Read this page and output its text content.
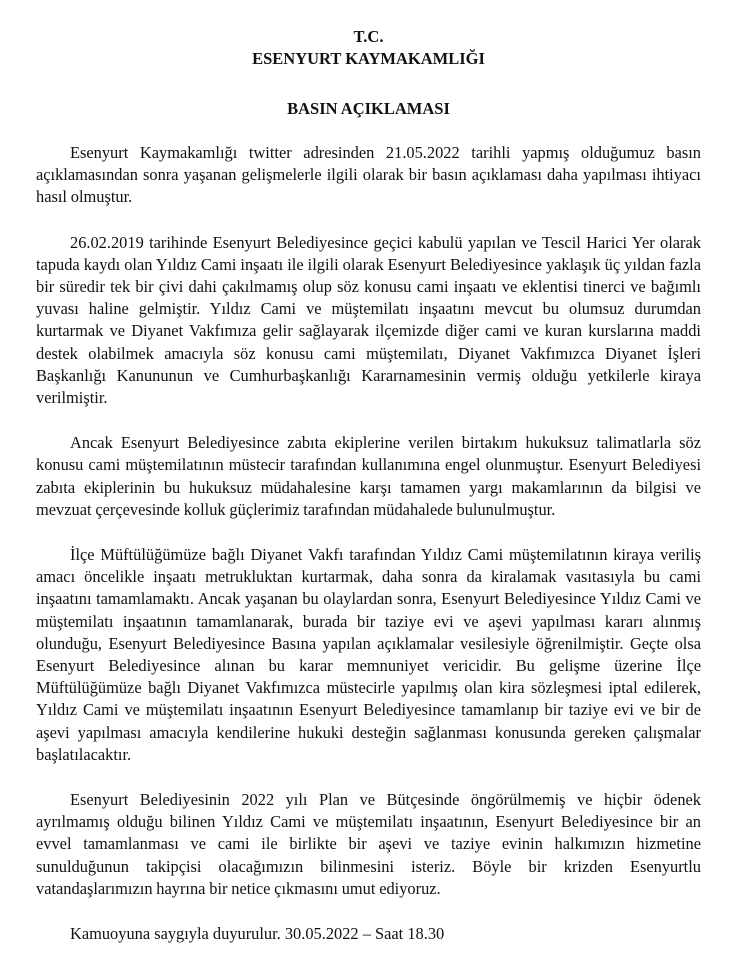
T.C.

ESENYURT KAYMAKAMLIĞI

BASIN AÇIKLAMASI

Esenyurt Kaymakamlığı twitter adresinden 21.05.2022 tarihli yapmış olduğumuz basın açıklamasından sonra yaşanan gelişmelerle ilgili olarak bir basın açıklaması daha yapılması ihtiyacı hasıl olmuştur.

26.02.2019 tarihinde Esenyurt Belediyesince geçici kabulü yapılan ve Tescil Harici Yer olarak tapuda kaydı olan Yıldız Cami inşaatı ile ilgili olarak Esenyurt Belediyesince yaklaşık üç yıldan fazla bir süredir tek bir çivi dahi çakılmamış olup söz konusu cami inşaatı ve eklentisi tinerci ve bağımlı yuvası haline gelmiştir. Yıldız Cami ve müştemilatı inşaatını mevcut bu olumsuz durumdan kurtarmak ve Diyanet Vakfımıza gelir sağlayarak ilçemizde diğer cami ve kuran kurslarına maddi destek olabilmek amacıyla söz konusu cami müştemilatı, Diyanet Vakfımızca Diyanet İşleri Başkanlığı Kanununun ve Cumhurbaşkanlığı Kararnamesinin vermiş olduğu yetkilerle kiraya verilmiştir.

Ancak Esenyurt Belediyesince zabıta ekiplerine verilen birtakım hukuksuz talimatlarla söz konusu cami müştemilatının müstecir tarafından kullanımına engel olunmuştur. Esenyurt Belediyesi zabıta ekiplerinin bu hukuksuz müdahalesine karşı tamamen yargı makamlarının da bilgisi ve mevzuat çerçevesinde kolluk güçlerimiz tarafından müdahalede bulunulmuştur.

İlçe Müftülüğümüze bağlı Diyanet Vakfı tarafından Yıldız Cami müştemilatının kiraya veriliş amacı öncelikle inşaatı metrukluktan kurtarmak, daha sonra da kiralamak vasıtasıyla bu cami inşaatını tamamlamaktı. Ancak yaşanan bu olaylardan sonra, Esenyurt Belediyesince Yıldız Cami ve müştemilatı inşaatının tamamlanarak, burada bir taziye evi ve aşevi yapılması kararı alınmış olunduğu, Esenyurt Belediyesince Basına yapılan açıklamalar vesilesiyle öğrenilmiştir. Geçte olsa Esenyurt Belediyesince alınan bu karar memnuniyet vericidir. Bu gelişme üzerine İlçe Müftülüğümüze bağlı Diyanet Vakfımızca müstecirle yapılmış olan kira sözleşmesi iptal edilerek, Yıldız Cami ve müştemilatı inşaatının Esenyurt Belediyesince tamamlanıp bir taziye evi ve bir de aşevi yapılması amacıyla kendilerine hukuki desteğin sağlanması konusunda gereken çalışmalar başlatılacaktır.

Esenyurt Belediyesinin 2022 yılı Plan ve Bütçesinde öngörülmemiş ve hiçbir ödenek ayrılmamış olduğu bilinen Yıldız Cami ve müştemilatı inşaatının, Esenyurt Belediyesince bir an evvel tamamlanması ve cami ile birlikte bir aşevi ve taziye evinin halkımızın hizmetine sunulduğunun takipçisi olacağımızın bilinmesini isteriz. Böyle bir krizden Esenyurtlu vatandaşlarımızın hayrına bir netice çıkmasını umut ediyoruz.

Kamuoyuna saygıyla duyurulur. 30.05.2022 – Saat 18.30
